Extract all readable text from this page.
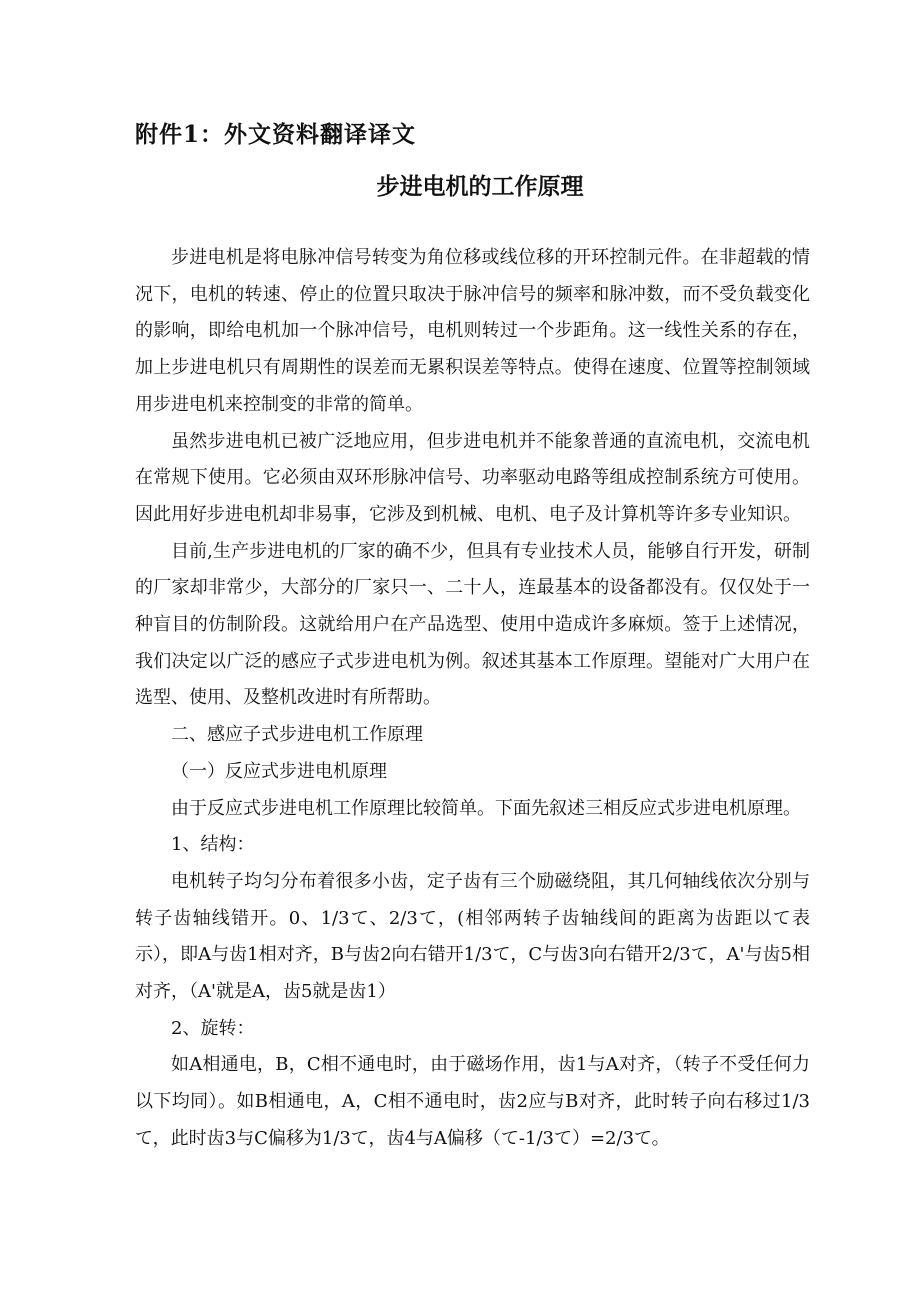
附件1：外文资料翻译译文
步进电机的工作原理

步进电机是将电脉冲信号转变为角位移或线位移的开环控制元件。在非超载的情况下，电机的转速、停止的位置只取决于脉冲信号的频率和脉冲数，而不受负载变化的影响，即给电机加一个脉冲信号，电机则转过一个步距角。这一线性关系的存在，加上步进电机只有周期性的误差而无累积误差等特点。使得在速度、位置等控制领域用步进电机来控制变的非常的简单。

虽然步进电机已被广泛地应用，但步进电机并不能象普通的直流电机，交流电机在常规下使用。它必须由双环形脉冲信号、功率驱动电路等组成控制系统方可使用。因此用好步进电机却非易事，它涉及到机械、电机、电子及计算机等许多专业知识。

目前,生产步进电机的厂家的确不少，但具有专业技术人员，能够自行开发，研制的厂家却非常少，大部分的厂家只一、二十人，连最基本的设备都没有。仅仅处于一种盲目的仿制阶段。这就给用户在产品选型、使用中造成许多麻烦。签于上述情况，我们决定以广泛的感应子式步进电机为例。叙述其基本工作原理。望能对广大用户在选型、使用、及整机改进时有所帮助。

二、感应子式步进电机工作原理

（一）反应式步进电机原理

由于反应式步进电机工作原理比较简单。下面先叙述三相反应式步进电机原理。

1、结构：

电机转子均匀分布着很多小齿，定子齿有三个励磁绕阻，其几何轴线依次分别与转子齿轴线错开。0、1/3て、2/3て，(相邻两转子齿轴线间的距离为齿距以て表示），即A与齿1相对齐，B与齿2向右错开1/3て，C与齿3向右错开2/3て，A'与齿5相对齐，（A'就是A，齿5就是齿1）

2、旋转：

如A相通电，B，C相不通电时，由于磁场作用，齿1与A对齐，（转子不受任何力以下均同）。如B相通电，A，C相不通电时，齿2应与B对齐，此时转子向右移过1/3て，此时齿3与C偏移为1/3て，齿4与A偏移（て-1/3て）=2/3て。
